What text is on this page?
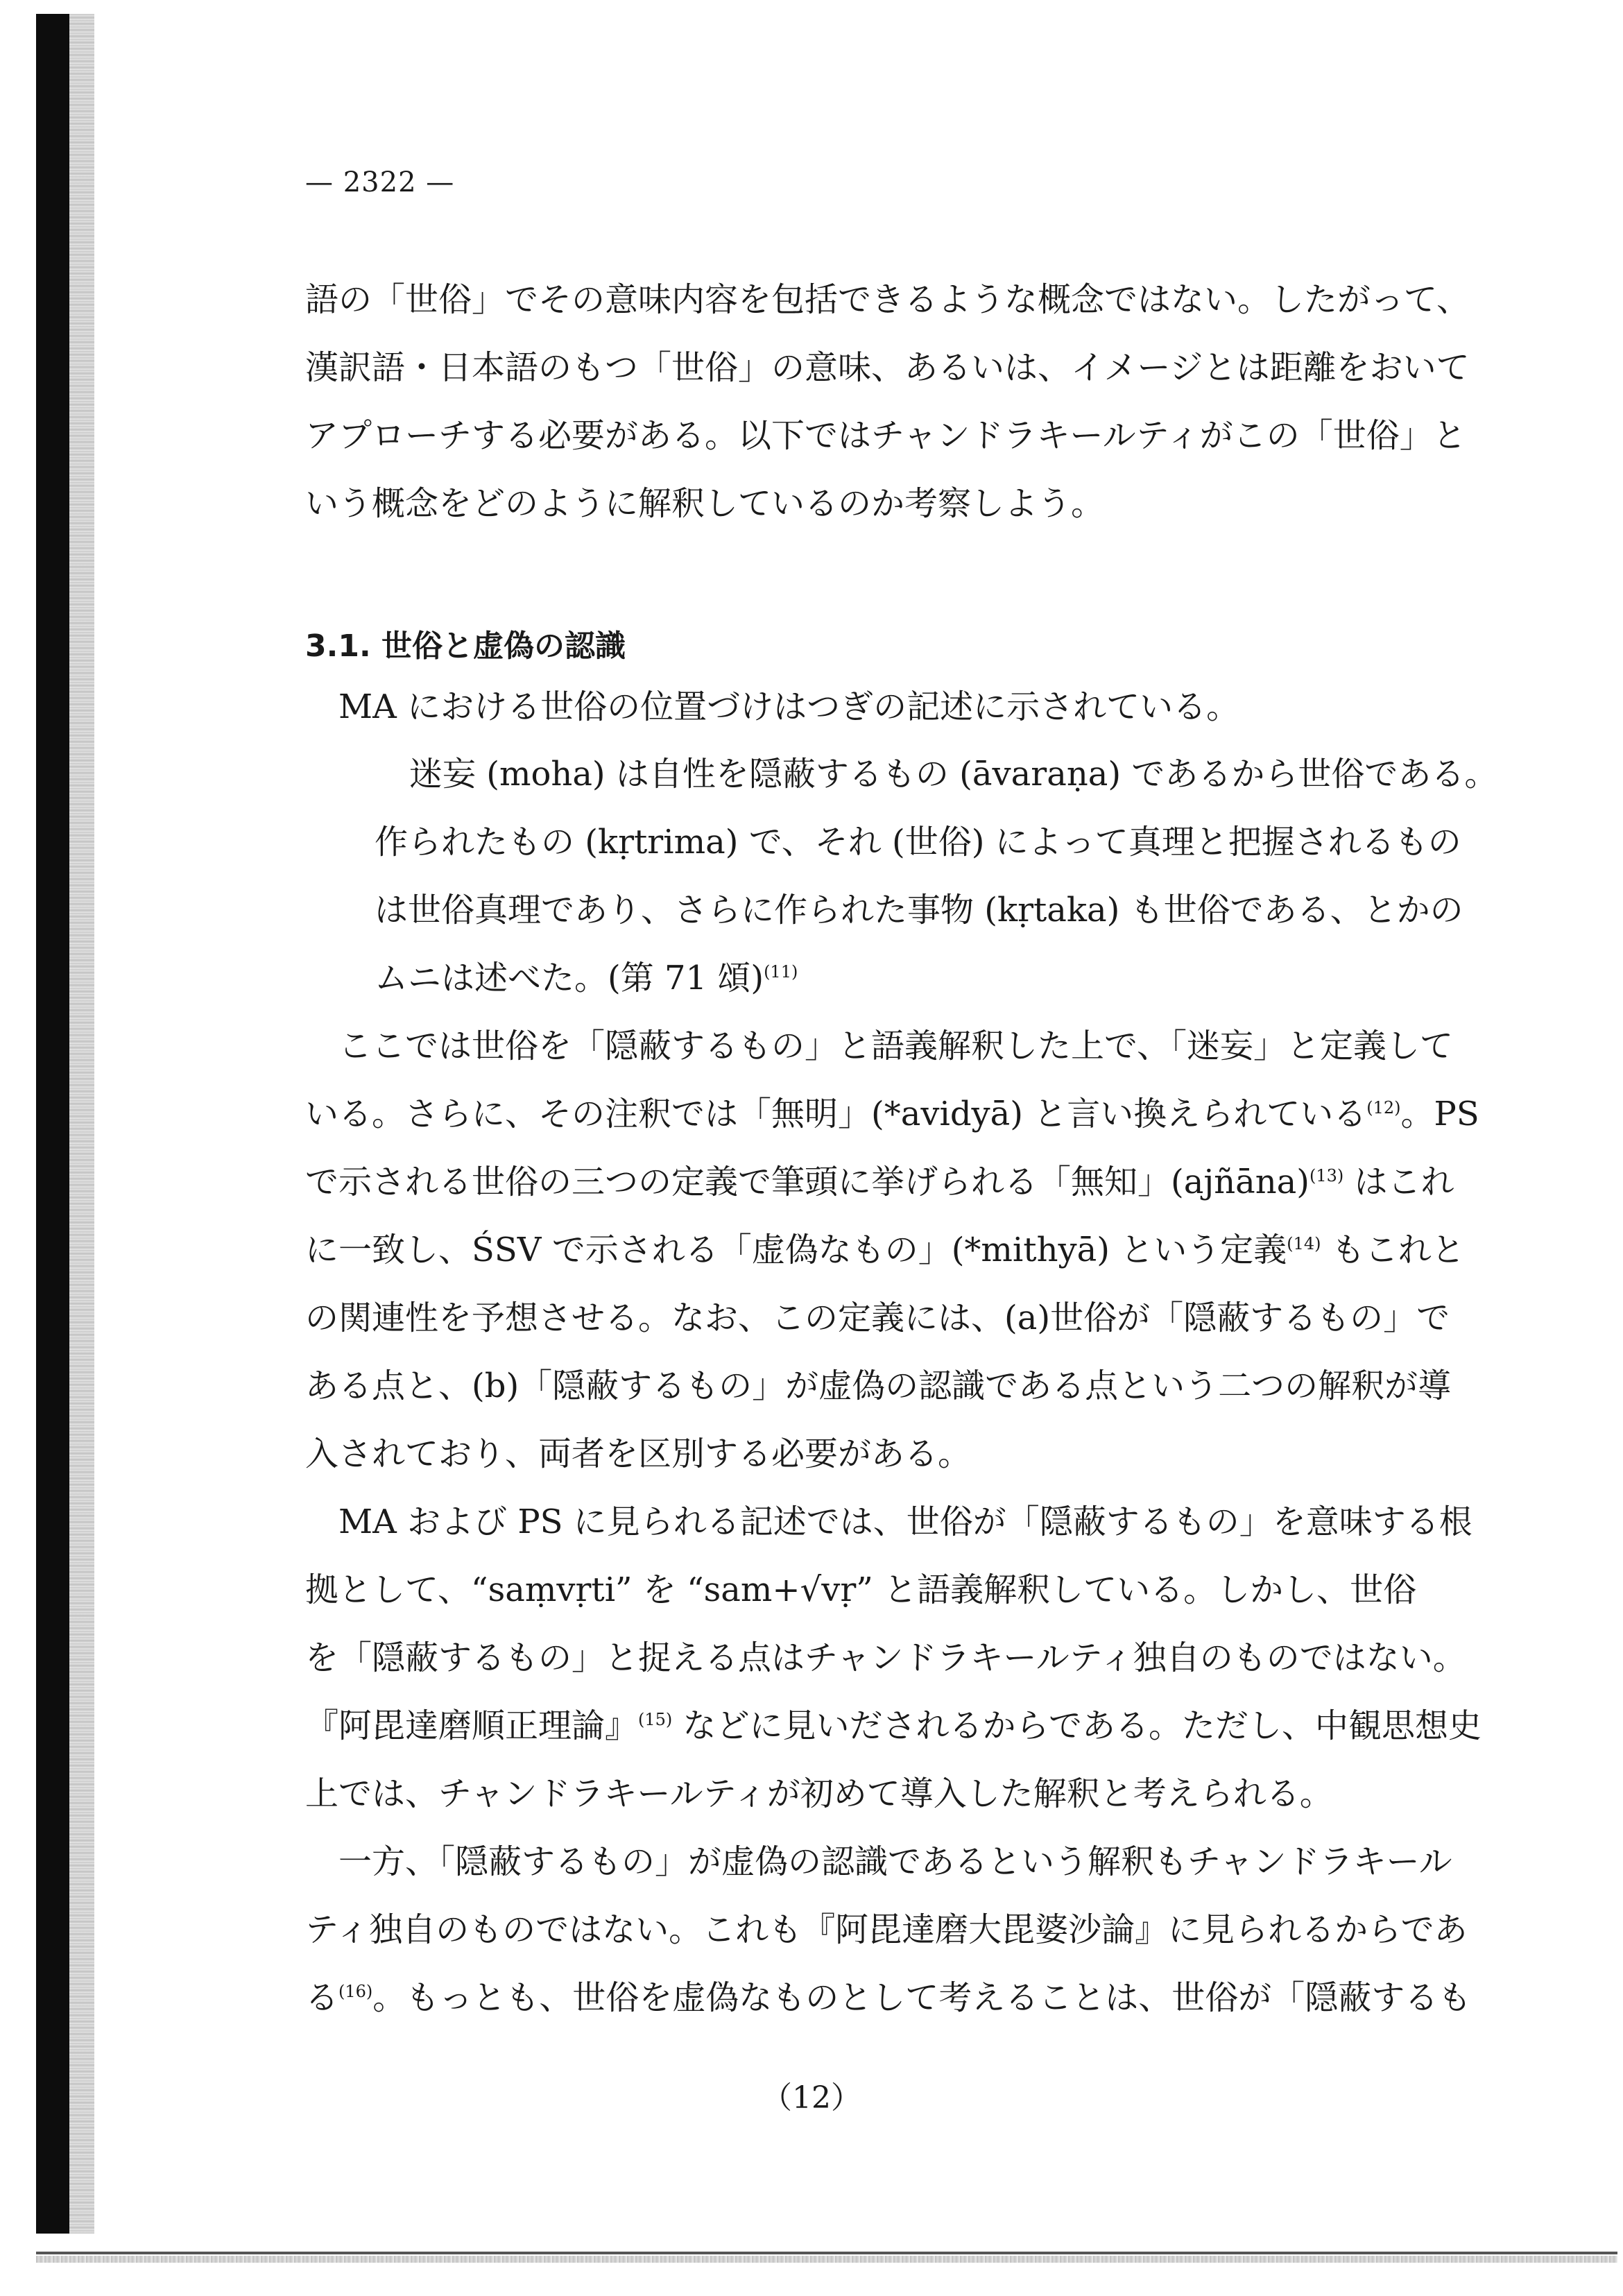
— 2322 —
語の「世俗」でその意味内容を包括できるような概念ではない。したがって、
漢訳語・日本語のもつ「世俗」の意味、あるいは、イメージとは距離をおいて
アプローチする必要がある。以下ではチャンドラキールティがこの「世俗」と
いう概念をどのように解釈しているのか考察しよう。
3.1. 世俗と虚偽の認識
MA における世俗の位置づけはつぎの記述に示されている。
迷妄 (moha) は自性を隠蔽するもの (āvaraṇa) であるから世俗である。
作られたもの (kṛtrima) で、それ (世俗) によって真理と把握されるもの
は世俗真理であり、さらに作られた事物 (kṛtaka) も世俗である、とかの
ムニは述べた。(第 71 頌)$^{(11)}$
ここでは世俗を「隠蔽するもの」と語義解釈した上で、「迷妄」と定義して
いる。さらに、その注釈では「無明」(*avidyā) と言い換えられている$^{(12)}$。PS
で示される世俗の三つの定義で筆頭に挙げられる「無知」(ajñāna)$^{(13)}$ はこれ
に一致し、ŚSV で示される「虚偽なもの」(*mithyā) という定義$^{(14)}$ もこれと
の関連性を予想させる。なお、この定義には、(a)世俗が「隠蔽するもの」で
ある点と、(b)「隠蔽するもの」が虚偽の認識である点という二つの解釈が導
入されており、両者を区別する必要がある。
MA および PS に見られる記述では、世俗が「隠蔽するもの」を意味する根
拠として、“saṃvṛti” を “sam+√vṛ” と語義解釈している。しかし、世俗
を「隠蔽するもの」と捉える点はチャンドラキールティ独自のものではない。
『阿毘達磨順正理論』$^{(15)}$ などに見いだされるからである。ただし、中観思想史
上では、チャンドラキールティが初めて導入した解釈と考えられる。
一方、「隠蔽するもの」が虚偽の認識であるという解釈もチャンドラキール
ティ独自のものではない。これも『阿毘達磨大毘婆沙論』に見られるからであ
る$^{(16)}$。もっとも、世俗を虚偽なものとして考えることは、世俗が「隠蔽するも
（12）
